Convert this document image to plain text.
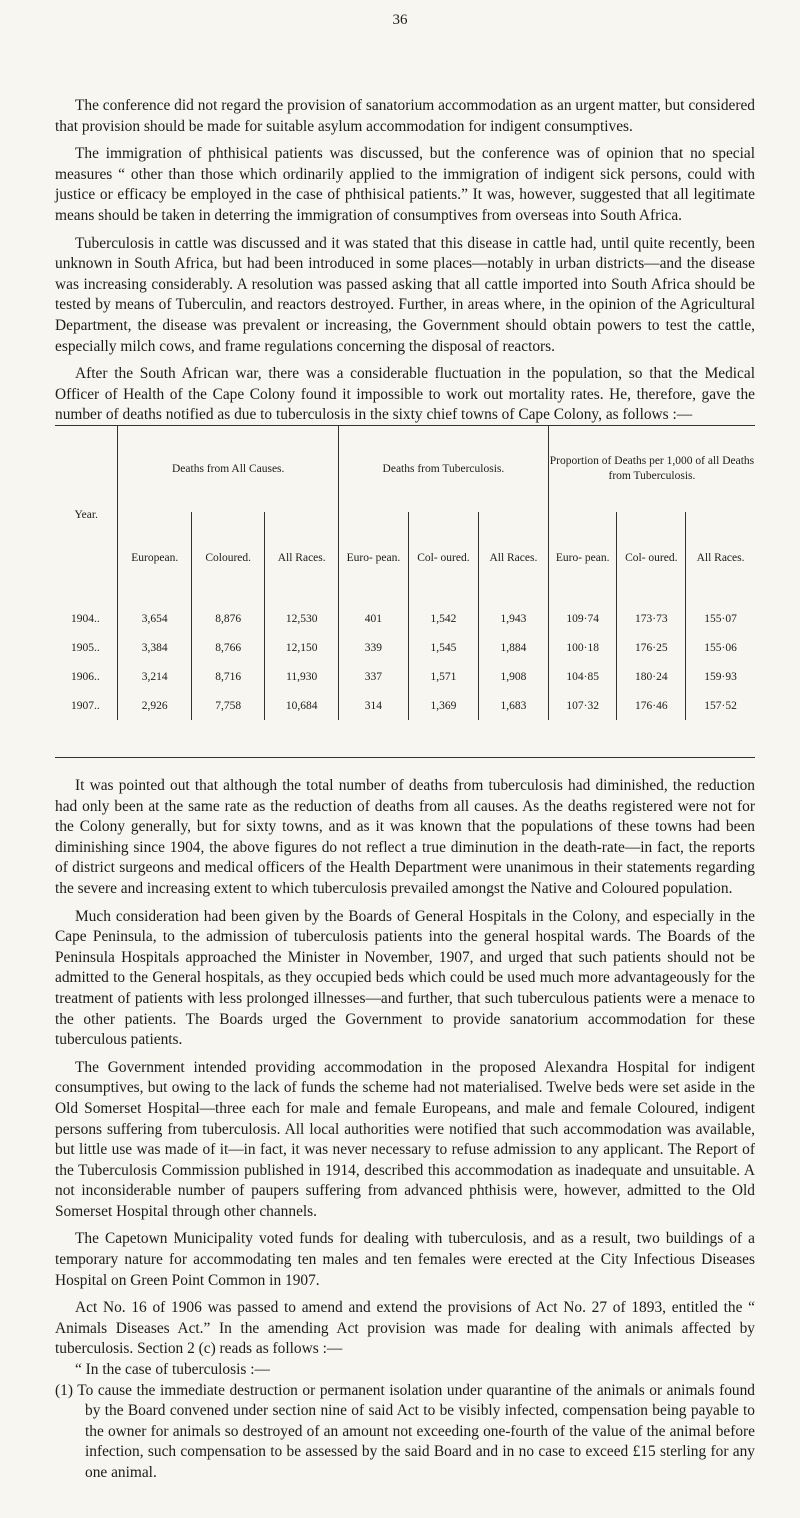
36

The conference did not regard the provision of sanatorium accommodation as an urgent matter, but considered that provision should be made for suitable asylum accommodation for indigent consumptives.

The immigration of phthisical patients was discussed, but the conference was of opinion that no special measures “ other than those which ordinarily applied to the immigration of indigent sick persons, could with justice or efficacy be employed in the case of phthisical patients.” It was, however, suggested that all legitimate means should be taken in deterring the immigration of consumptives from overseas into South Africa.

Tuberculosis in cattle was discussed and it was stated that this disease in cattle had, until quite recently, been unknown in South Africa, but had been introduced in some places—notably in urban districts—and the disease was increasing considerably. A resolution was passed asking that all cattle imported into South Africa should be tested by means of Tuberculin, and reactors destroyed. Further, in areas where, in the opinion of the Agricultural Department, the disease was prevalent or increasing, the Government should obtain powers to test the cattle, especially milch cows, and frame regulations concerning the disposal of reactors.

After the South African war, there was a considerable fluctuation in the population, so that the Medical Officer of Health of the Cape Colony found it impossible to work out mortality rates. He, therefore, gave the number of deaths notified as due to tuberculosis in the sixty chief towns of Cape Colony, as follows :—

Year.	Deaths from All Causes.			Deaths from Tuberculosis.			Proportion of Deaths per 1,000 of all Deaths from Tuberculosis.		
	European.	Coloured.	All Races.	Euro- pean.	Col- oured.	All Races.	Euro- pean.	Col- oured.	All Races.
1904..	3,654	8,876	12,530	401	1,542	1,943	109·74	173·73	155·07
1905..	3,384	8,766	12,150	339	1,545	1,884	100·18	176·25	155·06
1906..	3,214	8,716	11,930	337	1,571	1,908	104·85	180·24	159·93
1907..	2,926	7,758	10,684	314	1,369	1,683	107·32	176·46	157·52

It was pointed out that although the total number of deaths from tuberculosis had diminished, the reduction had only been at the same rate as the reduction of deaths from all causes. As the deaths registered were not for the Colony generally, but for sixty towns, and as it was known that the populations of these towns had been diminishing since 1904, the above figures do not reflect a true diminution in the death-rate—in fact, the reports of district surgeons and medical officers of the Health Department were unanimous in their statements regarding the severe and increasing extent to which tuberculosis prevailed amongst the Native and Coloured population.

Much consideration had been given by the Boards of General Hospitals in the Colony, and especially in the Cape Peninsula, to the admission of tuberculosis patients into the general hospital wards. The Boards of the Peninsula Hospitals approached the Minister in November, 1907, and urged that such patients should not be admitted to the General hospitals, as they occupied beds which could be used much more advantageously for the treatment of patients with less prolonged illnesses—and further, that such tuberculous patients were a menace to the other patients. The Boards urged the Government to provide sanatorium accommodation for these tuberculous patients.

The Government intended providing accommodation in the proposed Alexandra Hospital for indigent consumptives, but owing to the lack of funds the scheme had not materialised. Twelve beds were set aside in the Old Somerset Hospital—three each for male and female Europeans, and male and female Coloured, indigent persons suffering from tuberculosis. All local authorities were notified that such accommodation was available, but little use was made of it—in fact, it was never necessary to refuse admission to any applicant. The Report of the Tuberculosis Commission published in 1914, described this accommodation as inadequate and unsuitable. A not inconsiderable number of paupers suffering from advanced phthisis were, however, admitted to the Old Somerset Hospital through other channels.

The Capetown Municipality voted funds for dealing with tuberculosis, and as a result, two buildings of a temporary nature for accommodating ten males and ten females were erected at the City Infectious Diseases Hospital on Green Point Common in 1907.

Act No. 16 of 1906 was passed to amend and extend the provisions of Act No. 27 of 1893, entitled the “ Animals Diseases Act.” In the amending Act provision was made for dealing with animals affected by tuberculosis. Section 2 (c) reads as follows :—

“ In the case of tuberculosis :—

(1) To cause the immediate destruction or permanent isolation under quarantine of the animals or animals found by the Board convened under section nine of said Act to be visibly infected, compensation being payable to the owner for animals so destroyed of an amount not exceeding one-fourth of the value of the animal before infection, such compensation to be assessed by the said Board and in no case to exceed £15 sterling for any one animal.
